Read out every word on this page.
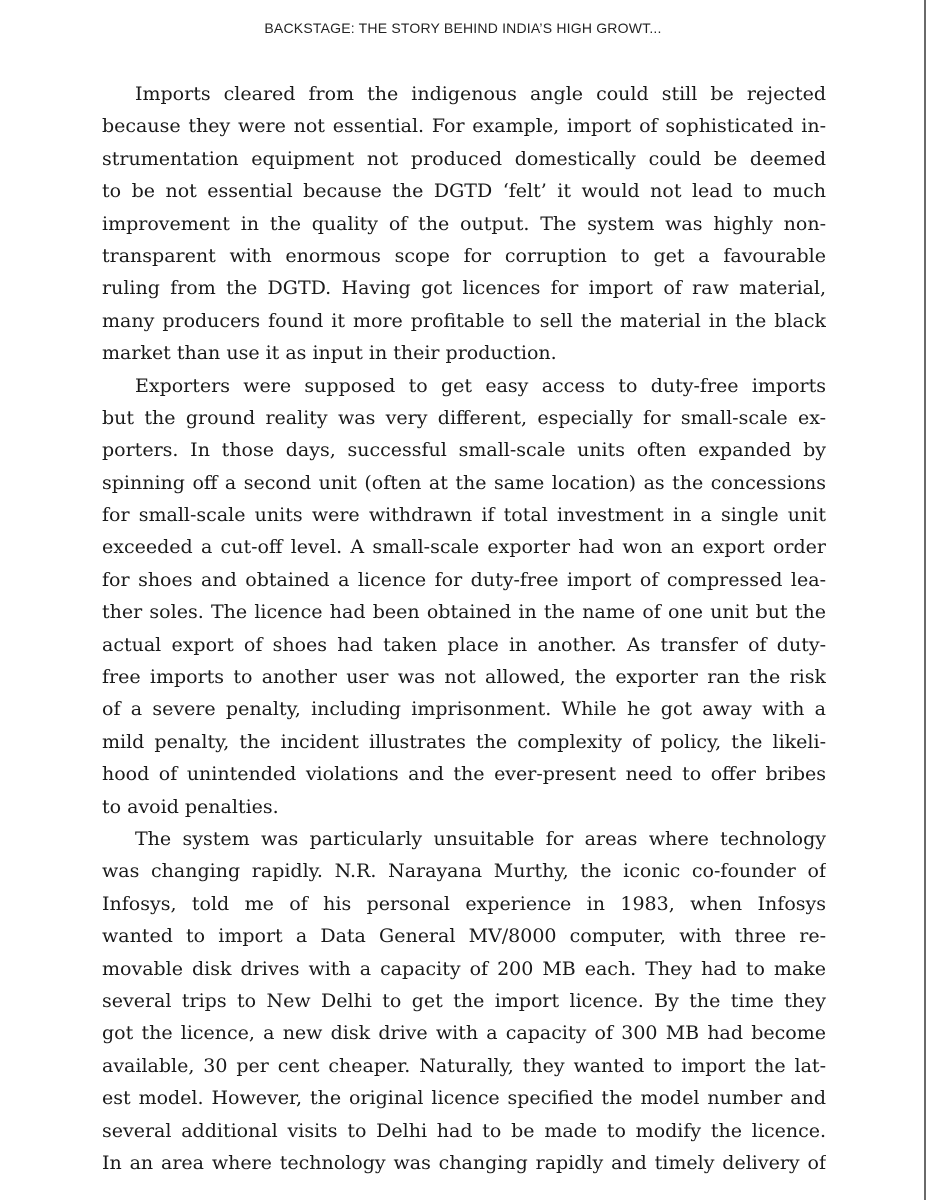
BACKSTAGE: THE STORY BEHIND INDIA’S HIGH GROWT...
Imports cleared from the indigenous angle could still be rejected
because they were not essential. For example, import of sophisticated in-
strumentation equipment not produced domestically could be deemed
to be not essential because the DGTD ‘felt’ it would not lead to much
improvement in the quality of the output. The system was highly non-
transparent with enormous scope for corruption to get a favourable
ruling from the DGTD. Having got licences for import of raw material,
many producers found it more profitable to sell the material in the black
market than use it as input in their production.
Exporters were supposed to get easy access to duty-free imports
but the ground reality was very different, especially for small-scale ex-
porters. In those days, successful small-scale units often expanded by
spinning off a second unit (often at the same location) as the concessions
for small-scale units were withdrawn if total investment in a single unit
exceeded a cut-off level. A small-scale exporter had won an export order
for shoes and obtained a licence for duty-free import of compressed lea-
ther soles. The licence had been obtained in the name of one unit but the
actual export of shoes had taken place in another. As transfer of duty-
free imports to another user was not allowed, the exporter ran the risk
of a severe penalty, including imprisonment. While he got away with a
mild penalty, the incident illustrates the complexity of policy, the likeli-
hood of unintended violations and the ever-present need to offer bribes
to avoid penalties.
The system was particularly unsuitable for areas where technology
was changing rapidly. N.R. Narayana Murthy, the iconic co-founder of
Infosys, told me of his personal experience in 1983, when Infosys
wanted to import a Data General MV/8000 computer, with three re-
movable disk drives with a capacity of 200 MB each. They had to make
several trips to New Delhi to get the import licence. By the time they
got the licence, a new disk drive with a capacity of 300 MB had become
available, 30 per cent cheaper. Naturally, they wanted to import the lat-
est model. However, the original licence specified the model number and
several additional visits to Delhi had to be made to modify the licence.
In an area where technology was changing rapidly and timely delivery of
